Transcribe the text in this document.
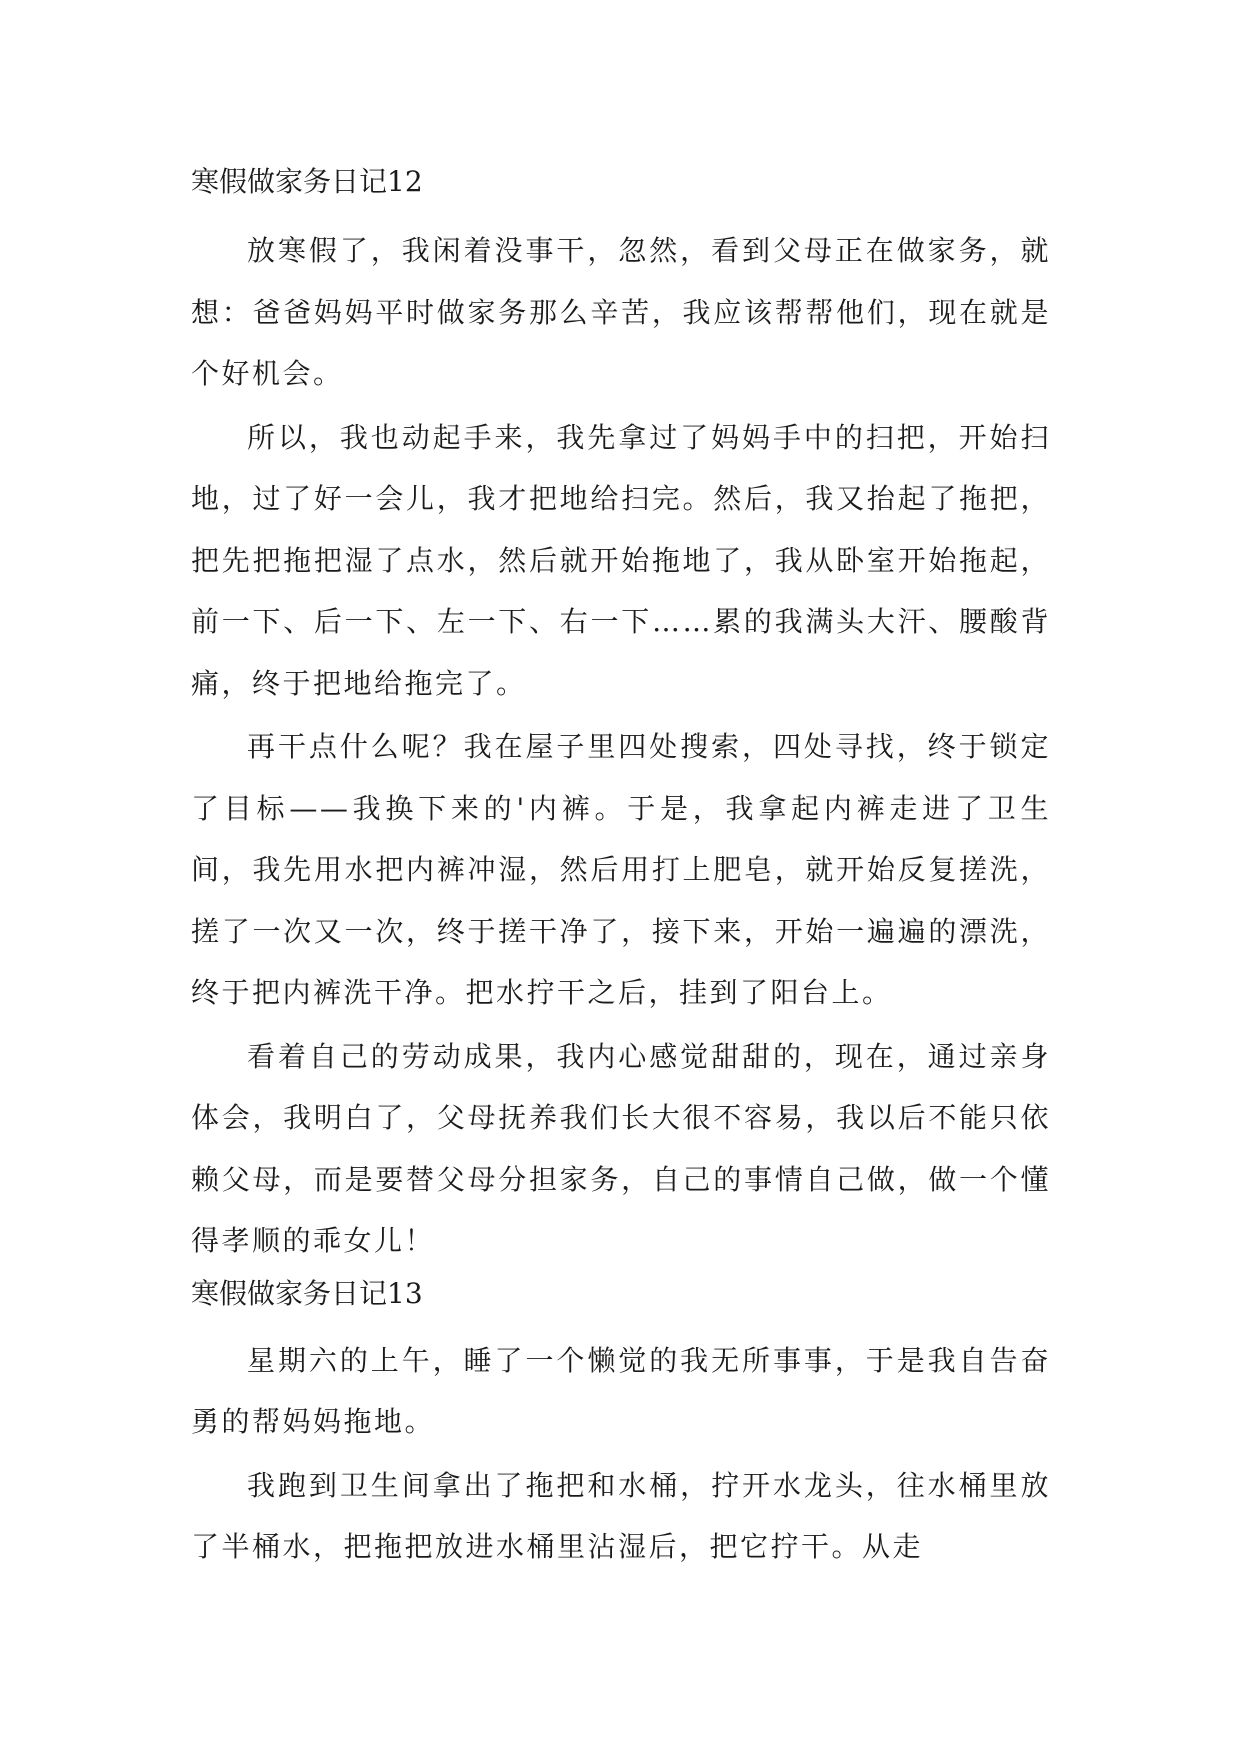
寒假做家务日记12

放寒假了，我闲着没事干，忽然，看到父母正在做家务，就想：爸爸妈妈平时做家务那么辛苦，我应该帮帮他们，现在就是个好机会。

所以，我也动起手来，我先拿过了妈妈手中的扫把，开始扫地，过了好一会儿，我才把地给扫完。然后，我又抬起了拖把，把先把拖把湿了点水，然后就开始拖地了，我从卧室开始拖起，前一下、后一下、左一下、右一下……累的我满头大汗、腰酸背痛，终于把地给拖完了。

再干点什么呢？我在屋子里四处搜索，四处寻找，终于锁定了目标——我换下来的'内裤。于是，我拿起内裤走进了卫生间，我先用水把内裤冲湿，然后用打上肥皂，就开始反复搓洗，搓了一次又一次，终于搓干净了，接下来，开始一遍遍的漂洗，终于把内裤洗干净。把水拧干之后，挂到了阳台上。

看着自己的劳动成果，我内心感觉甜甜的，现在，通过亲身体会，我明白了，父母抚养我们长大很不容易，我以后不能只依赖父母，而是要替父母分担家务，自己的事情自己做，做一个懂得孝顺的乖女儿！

寒假做家务日记13

星期六的上午，睡了一个懒觉的我无所事事，于是我自告奋勇的帮妈妈拖地。

我跑到卫生间拿出了拖把和水桶，拧开水龙头，往水桶里放了半桶水，把拖把放进水桶里沾湿后，把它拧干。从走
